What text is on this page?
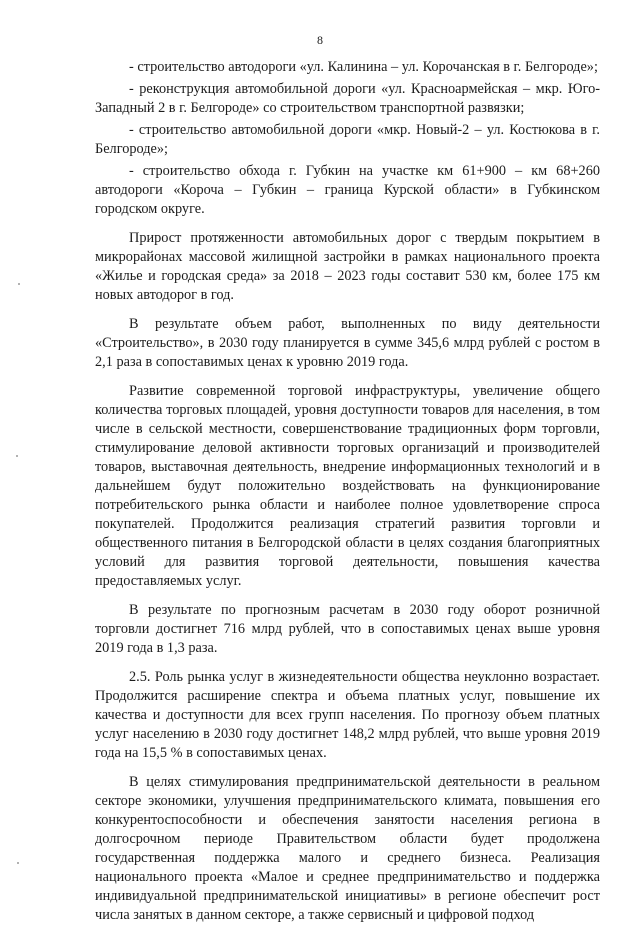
8

- строительство автодороги «ул. Калинина – ул. Корочанская в г. Белгороде»;

- реконструкция автомобильной дороги «ул. Красноармейская – мкр. Юго-Западный 2 в г. Белгороде» со строительством транспортной развязки;

- строительство автомобильной дороги «мкр. Новый-2 – ул. Костюкова в г. Белгороде»;

- строительство обхода г. Губкин на участке км 61+900 – км 68+260 автодороги «Короча – Губкин – граница Курской области» в Губкинском городском округе.

Прирост протяженности автомобильных дорог с твердым покрытием в микрорайонах массовой жилищной застройки в рамках национального проекта «Жилье и городская среда» за 2018 – 2023 годы составит 530 км, более 175 км новых автодорог в год.

В результате объем работ, выполненных по виду деятельности «Строительство», в 2030 году планируется в сумме 345,6 млрд рублей с ростом в 2,1 раза в сопоставимых ценах к уровню 2019 года.

Развитие современной торговой инфраструктуры, увеличение общего количества торговых площадей, уровня доступности товаров для населения, в том числе в сельской местности, совершенствование традиционных форм торговли, стимулирование деловой активности торговых организаций и производителей товаров, выставочная деятельность, внедрение информационных технологий и в дальнейшем будут положительно воздействовать на функционирование потребительского рынка области и наиболее полное удовлетворение спроса покупателей. Продолжится реализация стратегий развития торговли и общественного питания в Белгородской области в целях создания благоприятных условий для развития торговой деятельности, повышения качества предоставляемых услуг.

В результате по прогнозным расчетам в 2030 году оборот розничной торговли достигнет 716 млрд рублей, что в сопоставимых ценах выше уровня 2019 года в 1,3 раза.

2.5. Роль рынка услуг в жизнедеятельности общества неуклонно возрастает. Продолжится расширение спектра и объема платных услуг, повышение их качества и доступности для всех групп населения. По прогнозу объем платных услуг населению в 2030 году достигнет 148,2 млрд рублей, что выше уровня 2019 года на 15,5 % в сопоставимых ценах.

В целях стимулирования предпринимательской деятельности в реальном секторе экономики, улучшения предпринимательского климата, повышения его конкурентоспособности и обеспечения занятости населения региона в долгосрочном периоде Правительством области будет продолжена государственная поддержка малого и среднего бизнеса. Реализация национального проекта «Малое и среднее предпринимательство и поддержка индивидуальной предпринимательской инициативы» в регионе обеспечит рост числа занятых в данном секторе, а также сервисный и цифровой подход
